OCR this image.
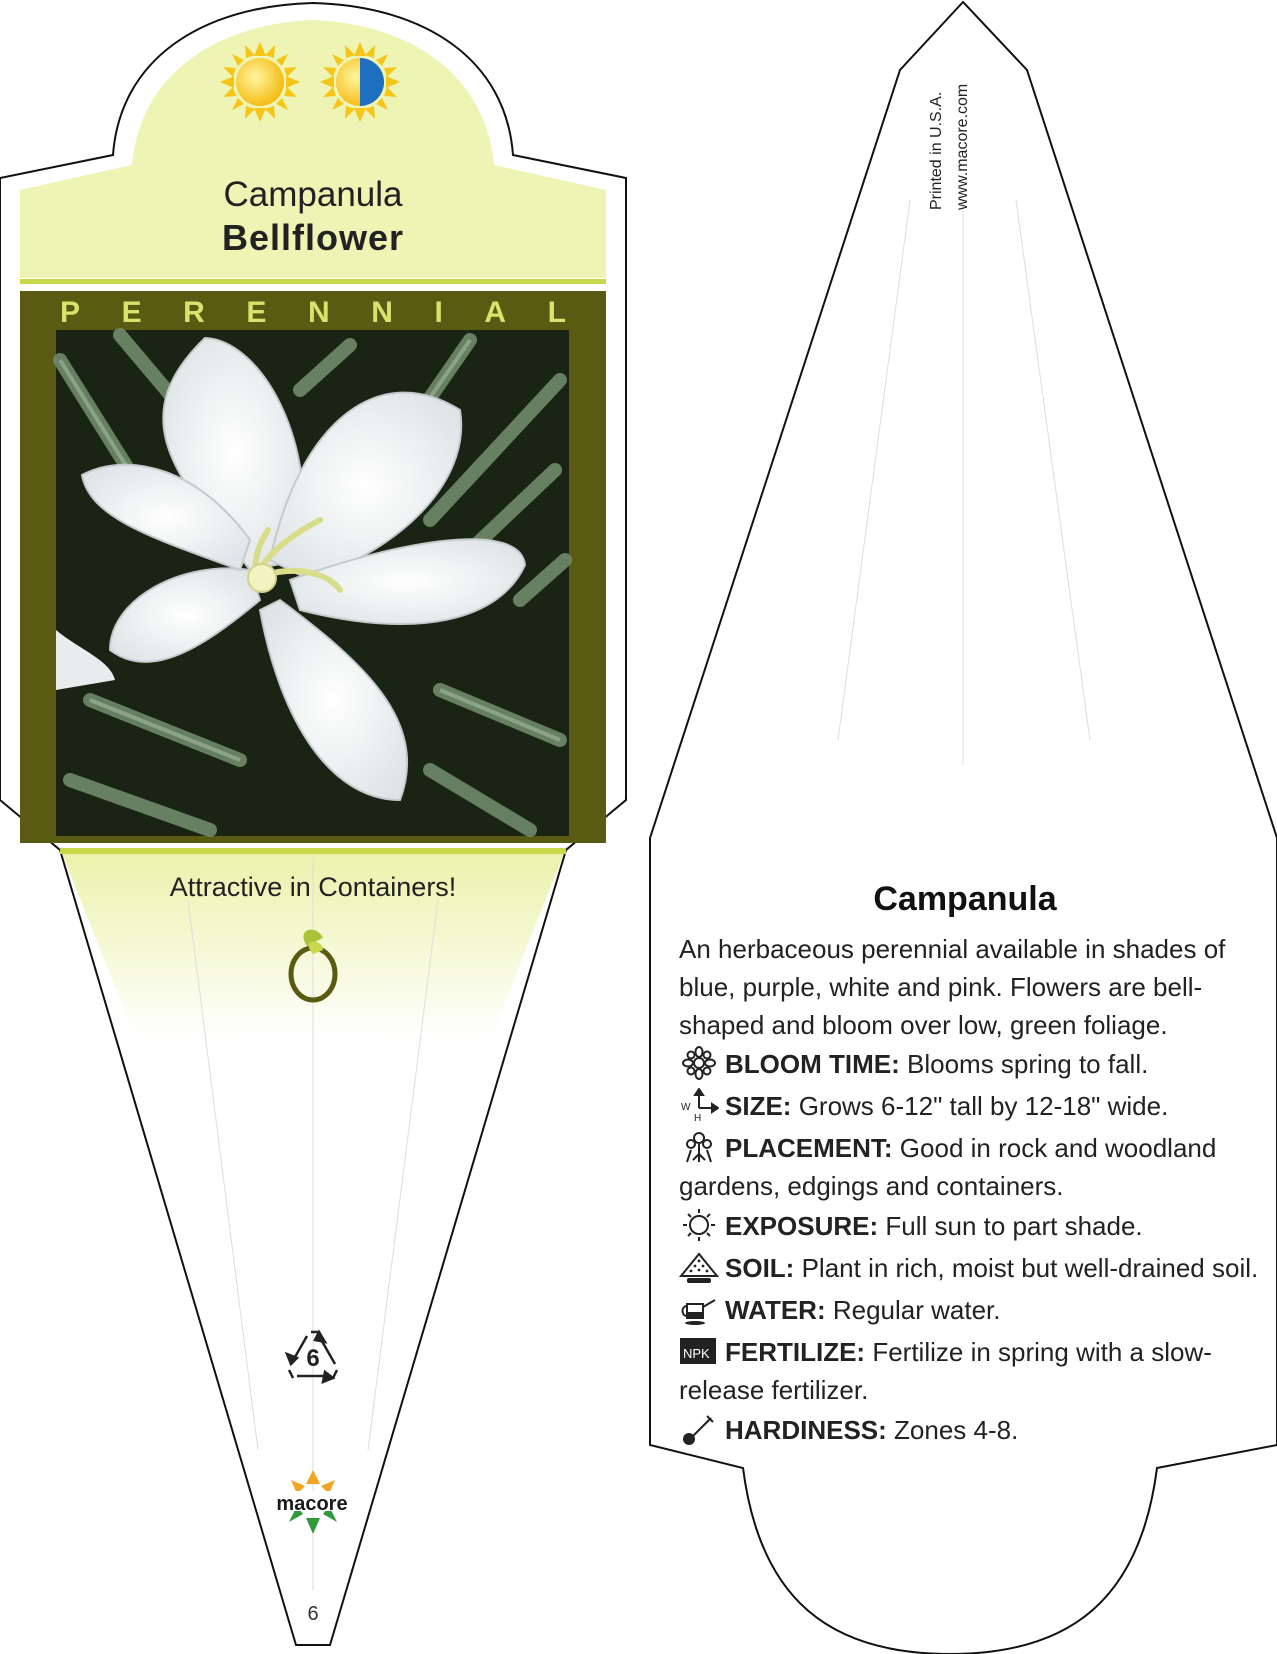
Campanula
Bellflower
P E R E N N I A L
Attractive in Containers!
6
macore
6
Printed in U.S.A. www.macore.com
Campanula
An herbaceous perennial available in shades of blue, purple, white and pink. Flowers are bell-shaped and bloom over low, green foliage.
BLOOM TIME: Blooms spring to fall.
W
H SIZE: Grows 6-12" tall by 12-18" wide.
PLACEMENT: Good in rock and woodland gardens, edgings and containers.
EXPOSURE: Full sun to part shade.
SOIL: Plant in rich, moist but well-drained soil.
WATER: Regular water.
NPK FERTILIZE: Fertilize in spring with a slow-release fertilizer.
HARDINESS: Zones 4-8.
